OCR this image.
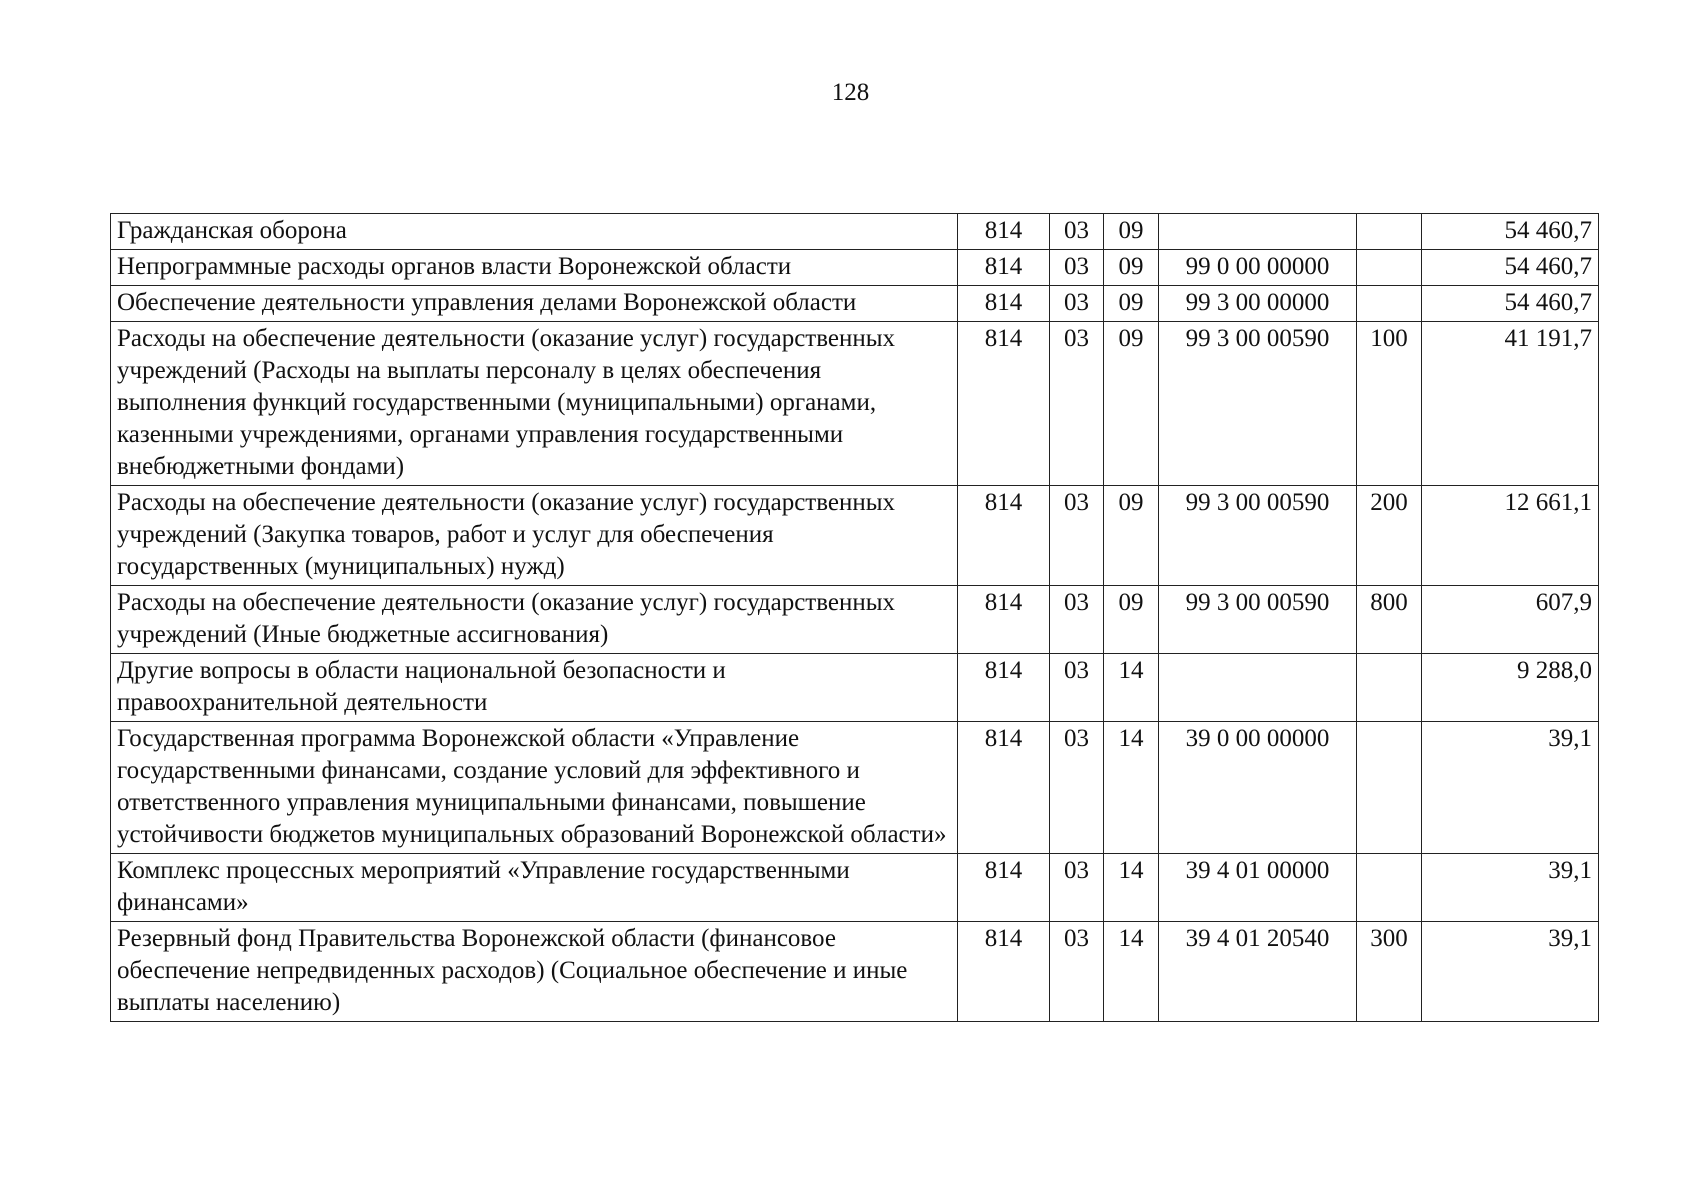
128
Гражданская оборона	814	03	09			54 460,7
Непрограммные расходы органов власти Воронежской области	814	03	09	99 0 00 00000		54 460,7
Обеспечение деятельности управления делами Воронежской области	814	03	09	99 3 00 00000		54 460,7
Расходы на обеспечение деятельности (оказание услуг) государственных учреждений (Расходы на выплаты персоналу в целях обеспечения выполнения функций государственными (муниципальными) органами, казенными учреждениями, органами управления государственными внебюджетными фондами)	814	03	09	99 3 00 00590	100	41 191,7
Расходы на обеспечение деятельности (оказание услуг) государственных учреждений (Закупка товаров, работ и услуг для обеспечения государственных (муниципальных) нужд)	814	03	09	99 3 00 00590	200	12 661,1
Расходы на обеспечение деятельности (оказание услуг) государственных учреждений (Иные бюджетные ассигнования)	814	03	09	99 3 00 00590	800	607,9
Другие вопросы в области национальной безопасности и правоохранительной деятельности	814	03	14			9 288,0
Государственная программа Воронежской области «Управление государственными финансами, создание условий для эффективного и ответственного управления муниципальными финансами, повышение устойчивости бюджетов муниципальных образований Воронежской области»	814	03	14	39 0 00 00000		39,1
Комплекс процессных мероприятий «Управление государственными финансами»	814	03	14	39 4 01 00000		39,1
Резервный фонд Правительства Воронежской области (финансовое обеспечение непредвиденных расходов) (Социальное обеспечение и иные выплаты населению)	814	03	14	39 4 01 20540	300	39,1
